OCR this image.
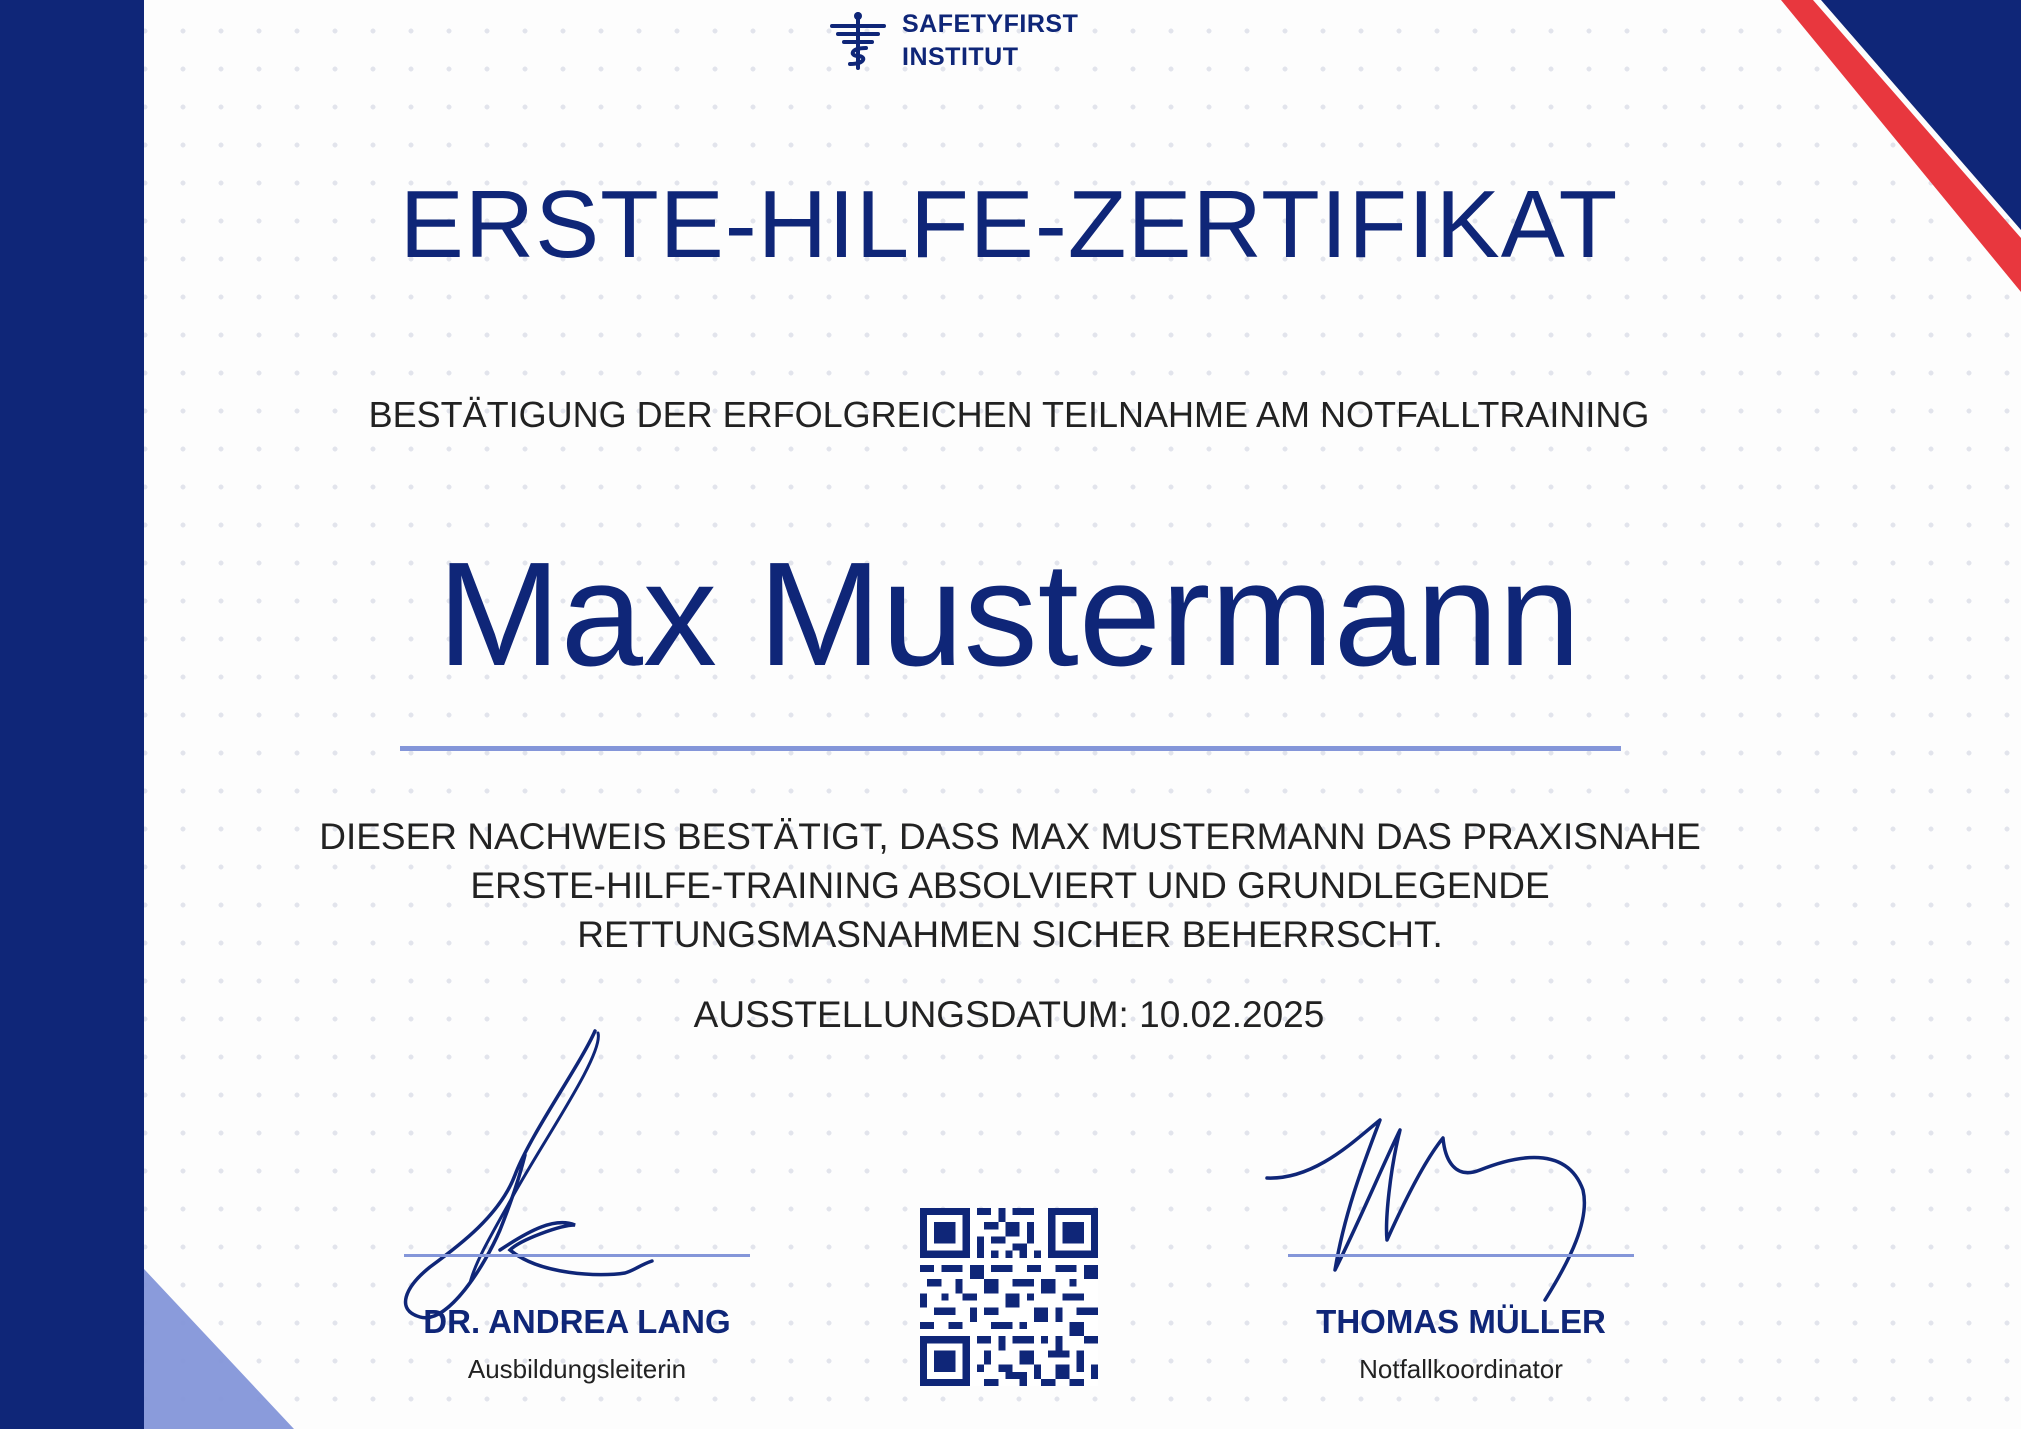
SAFETYFIRST
INSTITUT
ERSTE-HILFE-ZERTIFIKAT
BESTÄTIGUNG DER ERFOLGREICHEN TEILNAHME AM NOTFALLTRAINING
Max Mustermann
DIESER NACHWEIS BESTÄTIGT, DASS MAX MUSTERMANN DAS PRAXISNAHE ERSTE-HILFE-TRAINING ABSOLVIERT UND GRUNDLEGENDE RETTUNGSMASNAHMEN SICHER BEHERRSCHT.
AUSSTELLUNGSDATUM: 10.02.2025
DR. ANDREA LANG
Ausbildungsleiterin
THOMAS MÜLLER
Notfallkoordinator
